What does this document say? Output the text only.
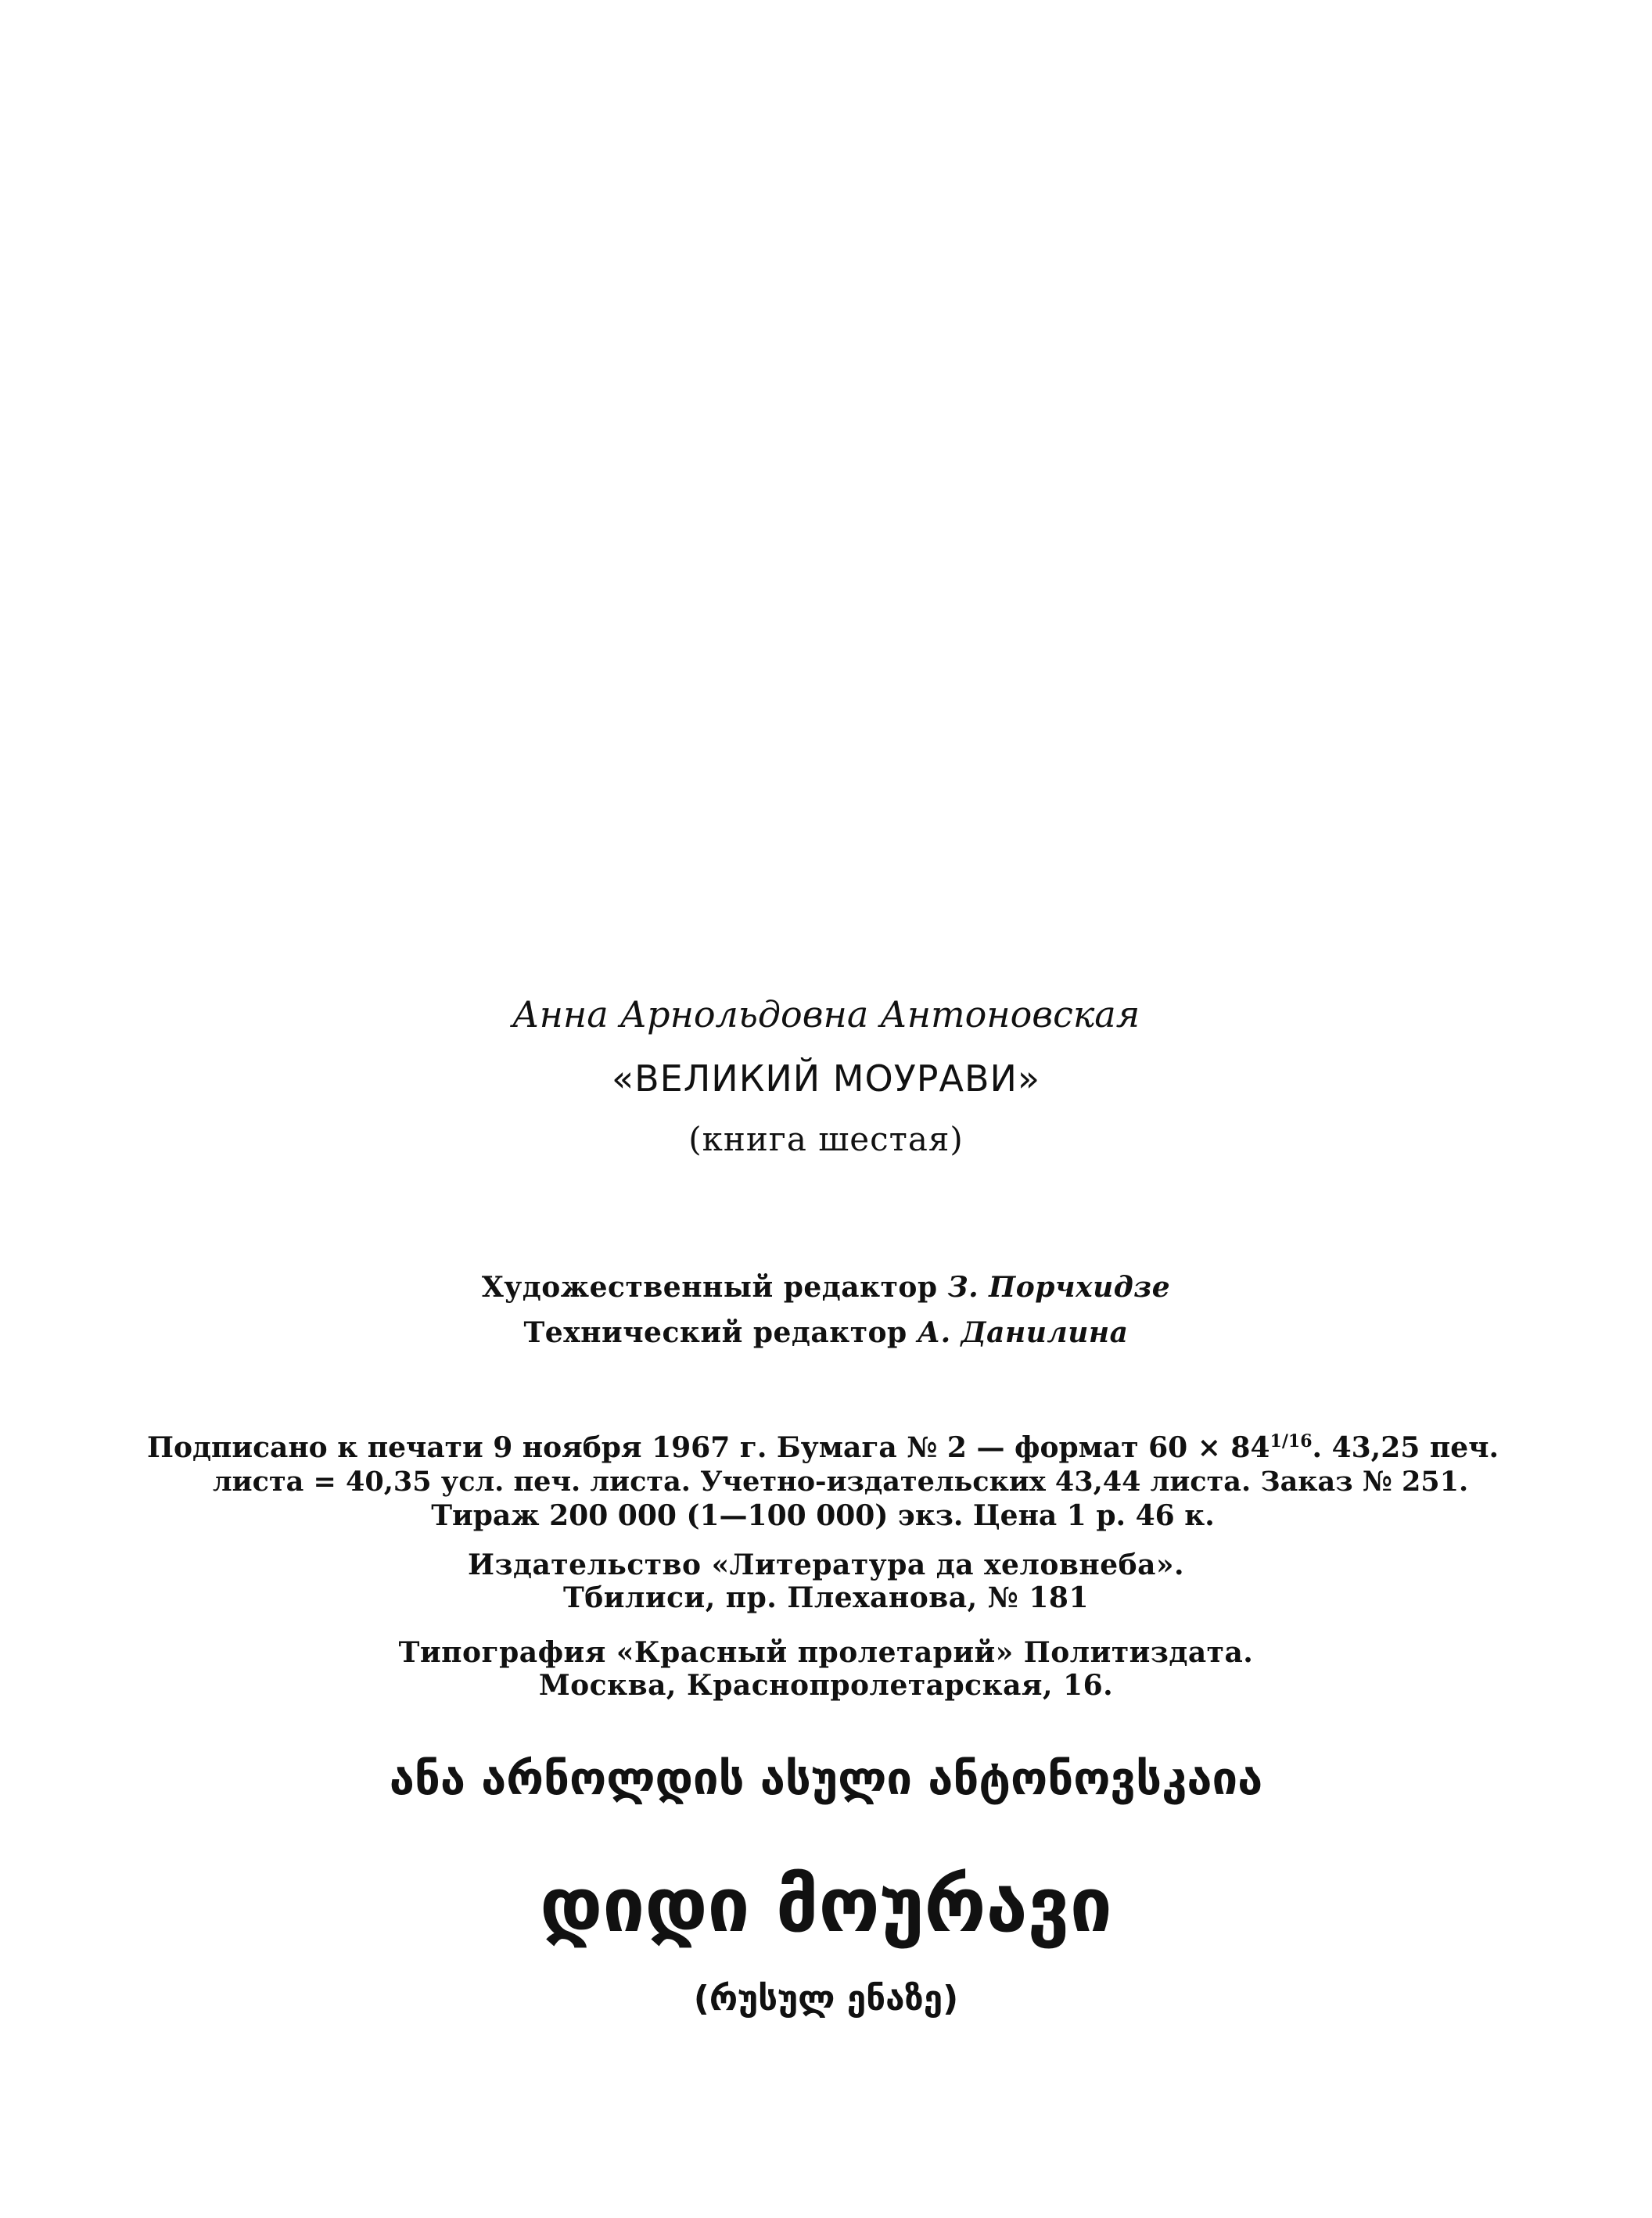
Анна Арнольдовна Антоновская
«ВЕЛИКИЙ МОУРАВИ»
(книга шестая)
Художественный редактор З. Порчхидзе
Технический редактор А. Данилина
Подписано к печати 9 ноября 1967 г. Бумага № 2 — формат 60 × 84 1/16 . 43,25 печ.
листа = 40,35 усл. печ. листа. Учетно-издательских 43,44 листа. Заказ № 251.
Тираж 200 000 (1—100 000) экз. Цена 1 р. 46 к.
Издательство «Литература да хеловнеба».
Тбилиси, пр. Плеханова, № 181
Типография «Красный пролетарий» Политиздата.
Москва, Краснопролетарская, 16.
ანა არნოლდის ასული ანტონოვსკაია
დიდი მოურავი
(რუსულ ენაზე)
